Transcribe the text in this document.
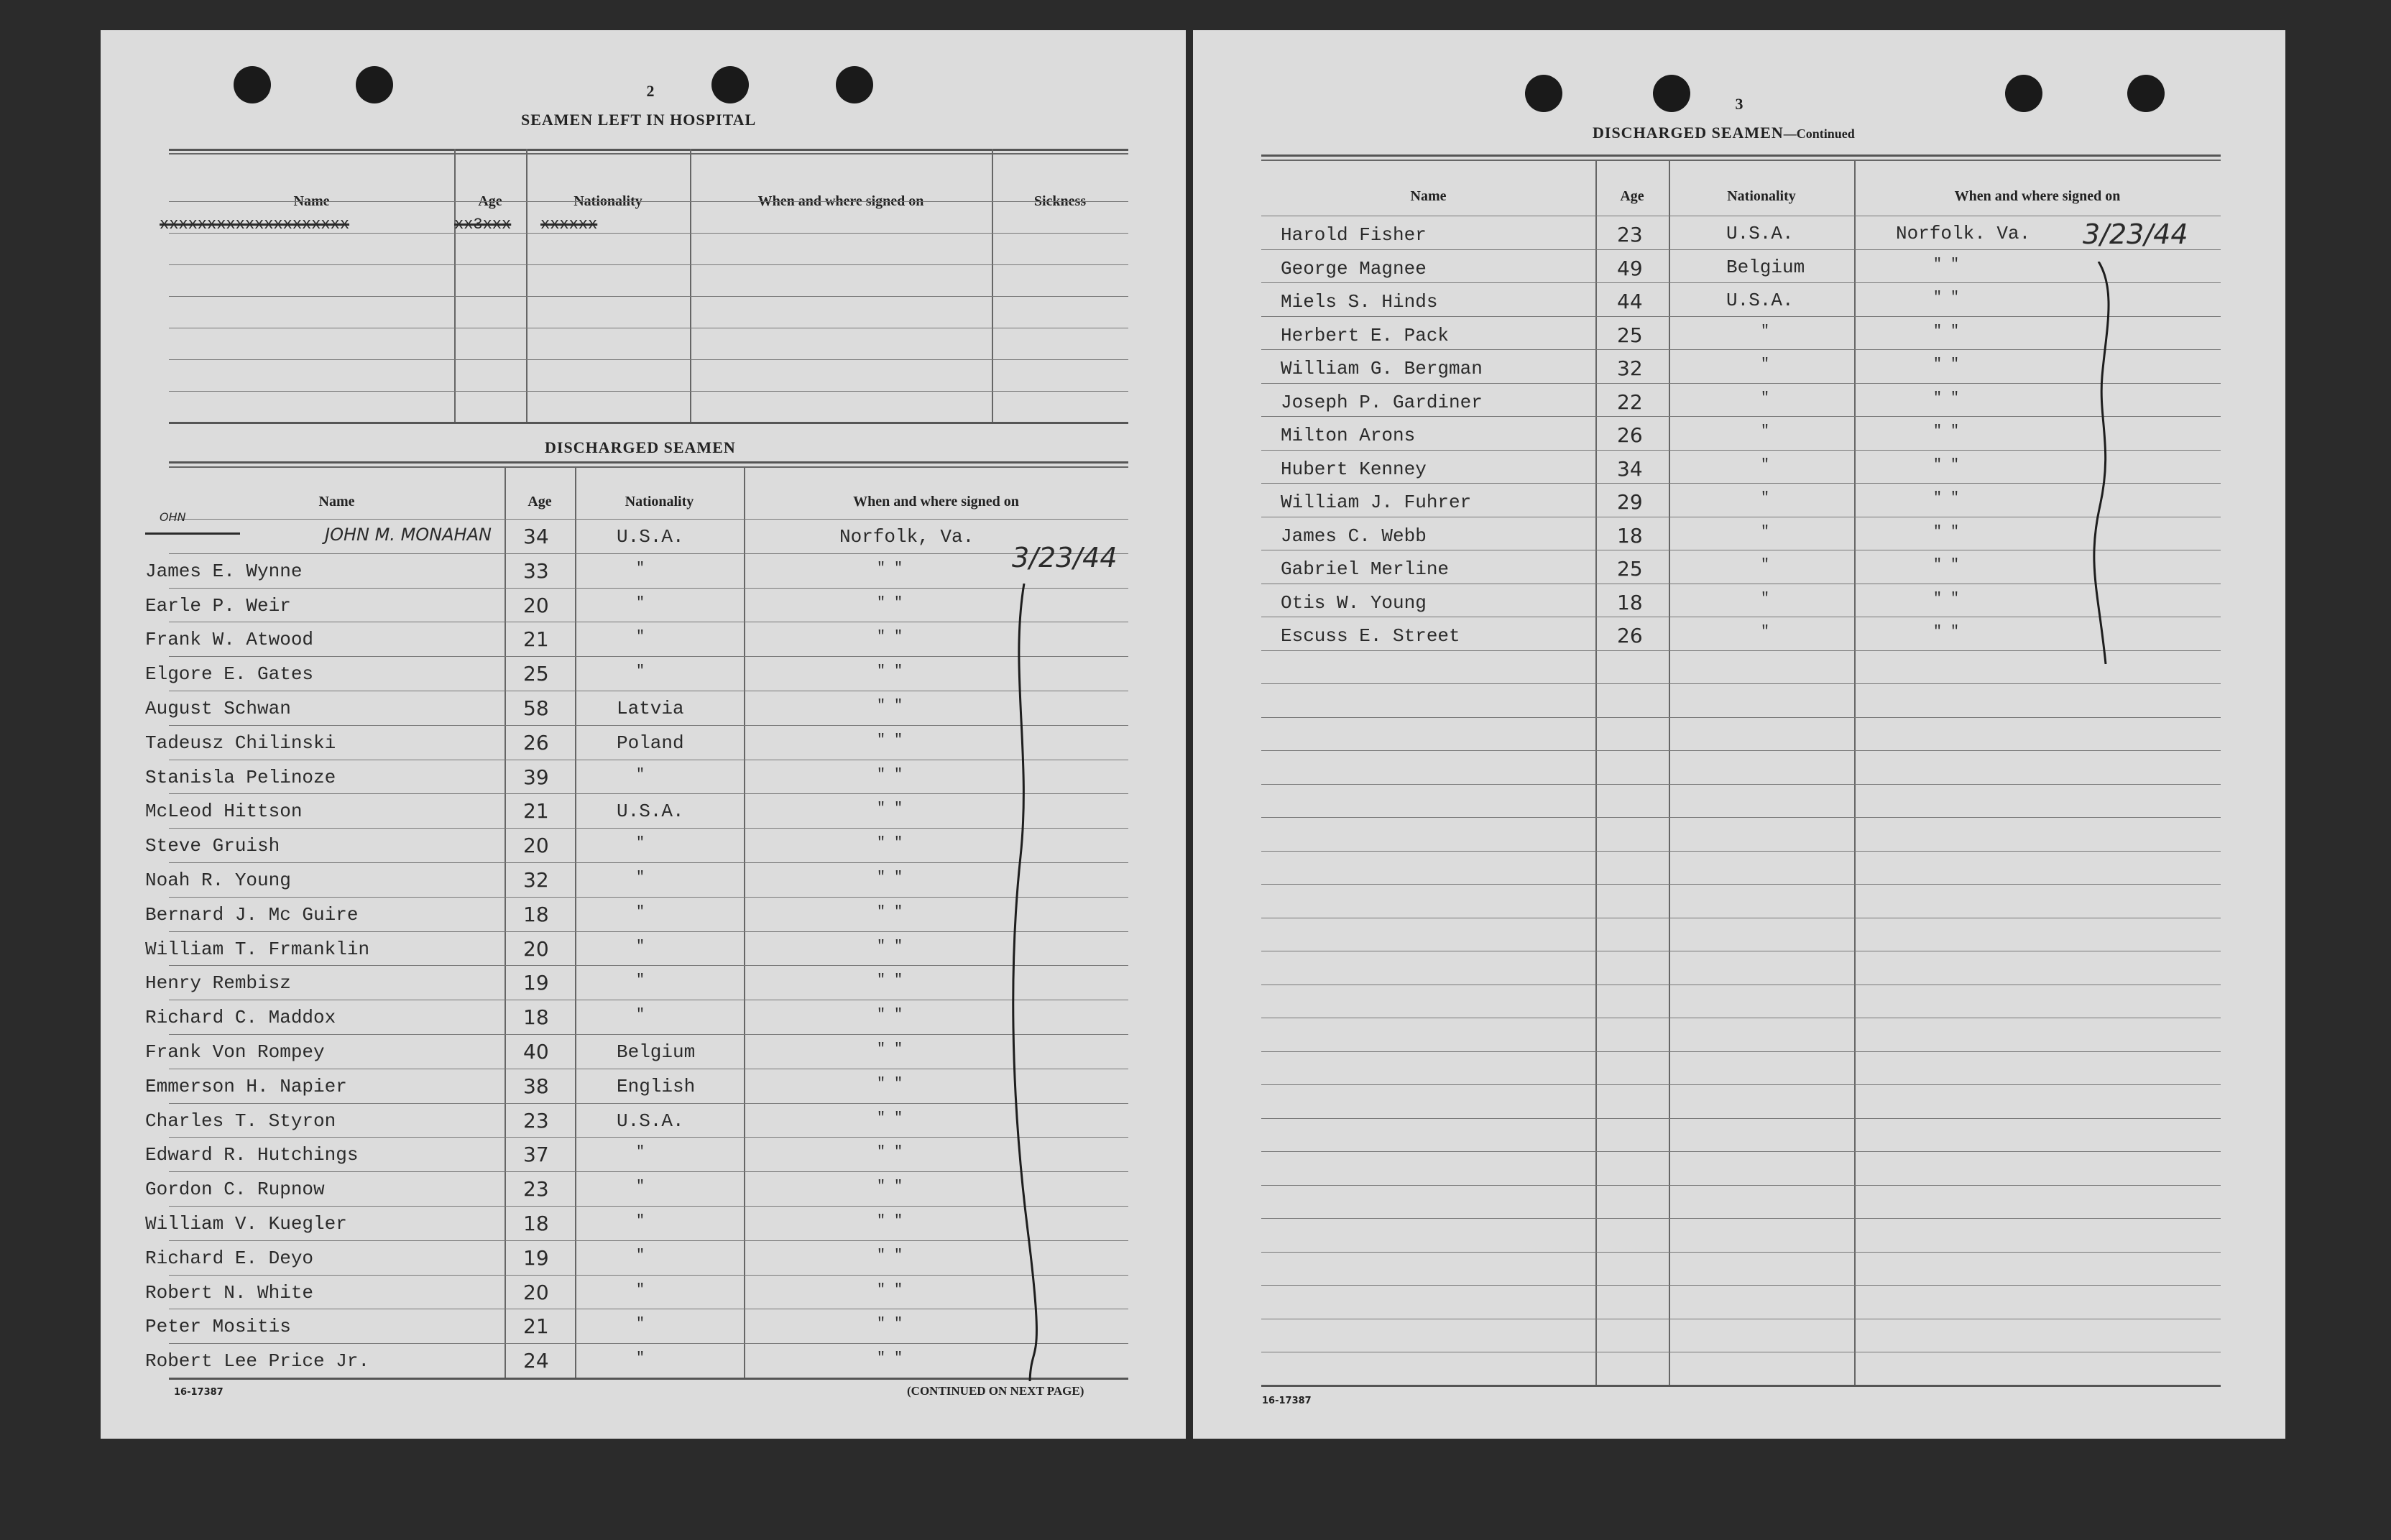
2
SEAMEN LEFT IN HOSPITAL
Name	Age	Nationality	When and where signed on	Sickness
xxxxxxxxxxxxxxxxxxxx	xx3xxx xxxxxx
DISCHARGED SEAMEN
Name	Age	Nationality	When and where signed on

OHN
JOHN M. MONAHAN 34	U.S.A.	Norfolk, Va.
James E. Wynne	33	"	" "
Earle P. Weir	20	"	" "
Frank W. Atwood	21	"	" "
Elgore E. Gates	25	"	" "
August Schwan	58	Latvia	" "
Tadeusz Chilinski	26	Poland	" "
Stanisla Pelinoze	39	"	" "
McLeod Hittson	21	U.S.A.	" "
Steve Gruish	20	"	" "
Noah R. Young	32	"	" "
Bernard J. Mc Guire	18	"	" "
William T. Frmanklin	20	"	" "
Henry Rembisz	19	"	" "
Richard C. Maddox	18	"	" "
Frank Von Rompey	40	Belgium	" "
Emmerson H. Napier	38	English	" "
Charles T. Styron	23	U.S.A.	" "
Edward R. Hutchings	37	"	" "
Gordon C. Rupnow	23	"	" "
William V. Kuegler	18	"	" "
Richard E. Deyo	19	"	" "
Robert N. White	20	"	" "
Peter Mositis	21	"	" "
Robert Lee Price Jr.	24	"	" "
3/23/44
16-17387	(CONTINUED ON NEXT PAGE)
3
DISCHARGED SEAMEN—Continued
Name	Age	Nationality	When and where signed on
Harold Fisher	23	U.S.A.	Norfolk. Va.
George Magnee	49	Belgium	" "
Miels S. Hinds	44	U.S.A.	" "
Herbert E. Pack	25	"	" "
William G. Bergman	32	"	" "
Joseph P. Gardiner	22	"	" "
Milton Arons	26	"	" "
Hubert Kenney	34	"	" "
William J. Fuhrer	29	"	" "
James C. Webb	18	"	" "
Gabriel Merline	25	"	" "
Otis W. Young	18	"	" "
Escuss E. Street	26	"	" "
3/23/44
16-17387
